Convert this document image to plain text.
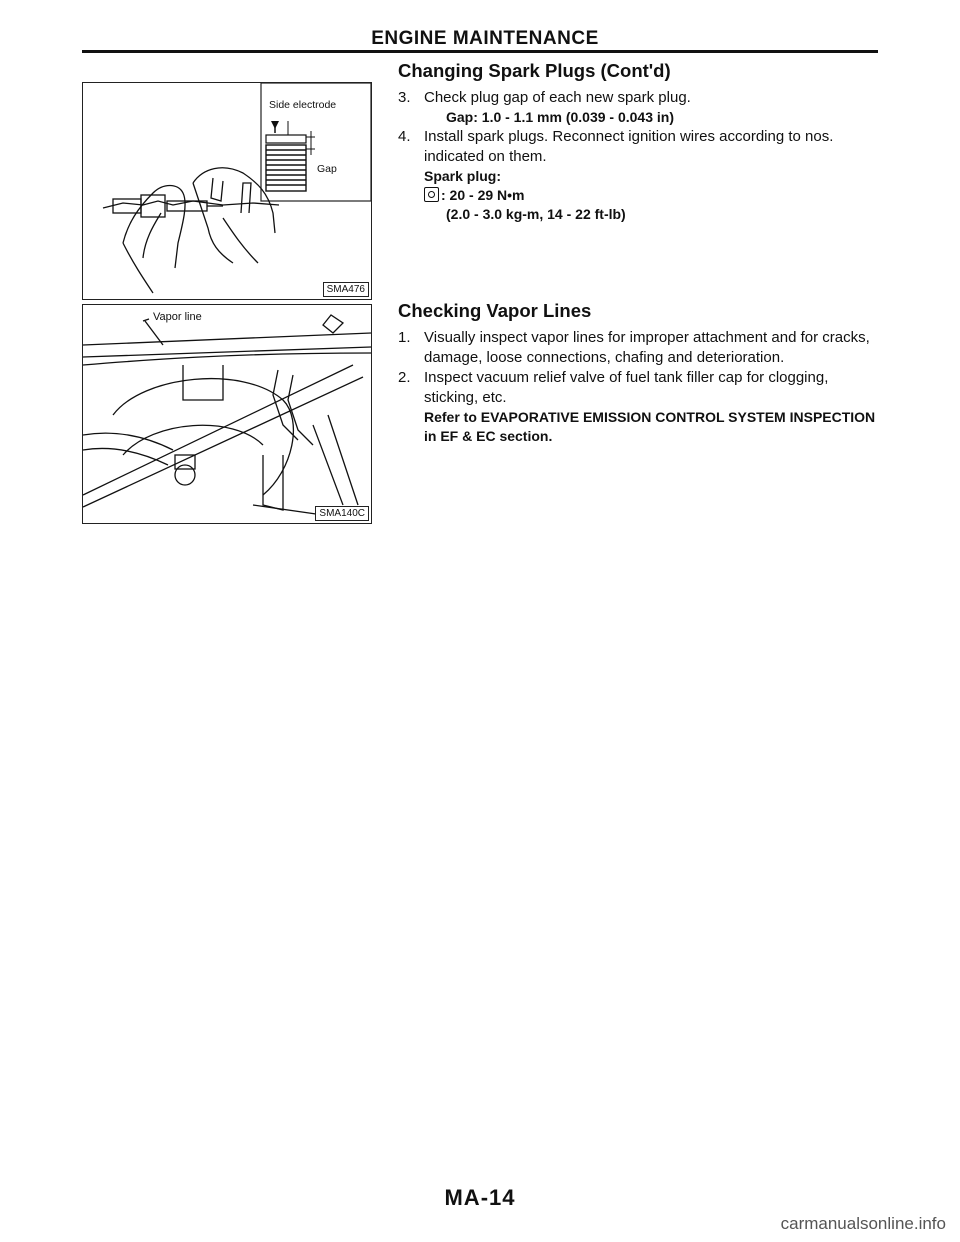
ENGINE MAINTENANCE
Side electrode
Gap
SMA476
Vapor line
SMA140C
Changing Spark Plugs (Cont'd)
3. Check plug gap of each new spark plug.
Gap: 1.0 - 1.1 mm (0.039 - 0.043 in)
4. Install spark plugs. Reconnect ignition wires according to nos. indicated on them.
Spark plug:
: 20 - 29 N•m
(2.0 - 3.0 kg-m, 14 - 22 ft-lb)
Checking Vapor Lines
1. Visually inspect vapor lines for improper attachment and for cracks, damage, loose connections, chafing and deterioration.
2. Inspect vacuum relief valve of fuel tank filler cap for clogging, sticking, etc.
Refer to EVAPORATIVE EMISSION CONTROL SYSTEM INSPECTION in EF & EC section.
MA-14
carmanualsonline.info
